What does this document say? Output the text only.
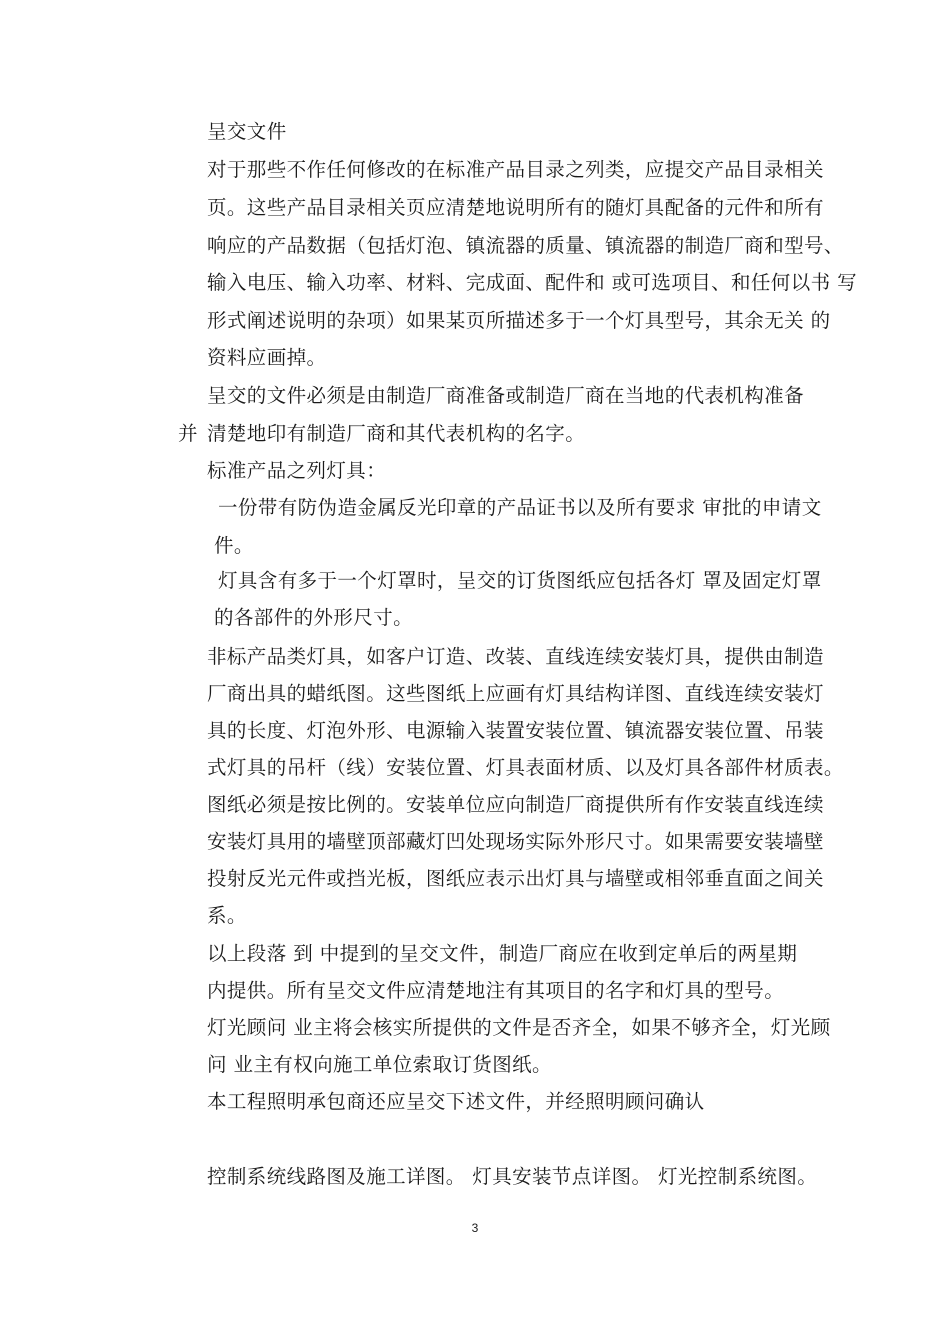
呈交文件
对于那些不作任何修改的在标准产品目录之列类，应提交产品目录相关
页。这些产品目录相关页应清楚地说明所有的随灯具配备的元件和所有
响应的产品数据（包括灯泡、镇流器的质量、镇流器的制造厂商和型号、
输入电压、输入功率、材料、完成面、配件和 或可选项目、和任何以书 写
形式阐述说明的杂项）如果某页所描述多于一个灯具型号，其余无关 的
资料应画掉。
呈交的文件必须是由制造厂商准备或制造厂商在当地的代表机构准备
并 清楚地印有制造厂商和其代表机构的名字。
标准产品之列灯具：
一份带有防伪造金属反光印章的产品证书以及所有要求 审批的申请文
件。
灯具含有多于一个灯罩时，呈交的订货图纸应包括各灯 罩及固定灯罩
的各部件的外形尺寸。
非标产品类灯具，如客户订造、改装、直线连续安装灯具，提供由制造
厂商出具的蜡纸图。这些图纸上应画有灯具结构详图、直线连续安装灯
具的长度、灯泡外形、电源输入装置安装位置、镇流器安装位置、吊装
式灯具的吊杆（线）安装位置、灯具表面材质、以及灯具各部件材质表。
图纸必须是按比例的。安装单位应向制造厂商提供所有作安装直线连续
安装灯具用的墙壁顶部藏灯凹处现场实际外形尺寸。如果需要安装墙壁
投射反光元件或挡光板，图纸应表示出灯具与墙壁或相邻垂直面之间关
系。
以上段落 到 中提到的呈交文件，制造厂商应在收到定单后的两星期
内提供。所有呈交文件应清楚地注有其项目的名字和灯具的型号。
灯光顾问 业主将会核实所提供的文件是否齐全，如果不够齐全，灯光顾
问 业主有权向施工单位索取订货图纸。
本工程照明承包商还应呈交下述文件，并经照明顾问确认
控制系统线路图及施工详图。 灯具安装节点详图。 灯光控制系统图。
3
